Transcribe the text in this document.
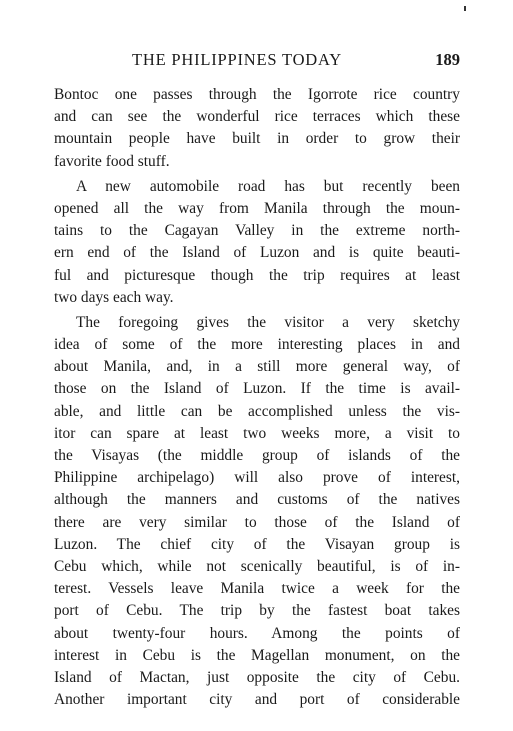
THE PHILIPPINES TODAY	189
Bontoc one passes through the Igorrote rice country
and can see the wonderful rice terraces which these
mountain people have built in order to grow their
favorite food stuff.
A new automobile road has but recently been
opened all the way from Manila through the moun-
tains to the Cagayan Valley in the extreme north-
ern end of the Island of Luzon and is quite beauti-
ful and picturesque though the trip requires at least
two days each way.
The foregoing gives the visitor a very sketchy
idea of some of the more interesting places in and
about Manila, and, in a still more general way, of
those on the Island of Luzon. If the time is avail-
able, and little can be accomplished unless the vis-
itor can spare at least two weeks more, a visit to
the Visayas (the middle group of islands of the
Philippine archipelago) will also prove of interest,
although the manners and customs of the natives
there are very similar to those of the Island of
Luzon. The chief city of the Visayan group is
Cebu which, while not scenically beautiful, is of in-
terest. Vessels leave Manila twice a week for the
port of Cebu. The trip by the fastest boat takes
about twenty-four hours. Among the points of
interest in Cebu is the Magellan monument, on the
Island of Mactan, just opposite the city of Cebu.
Another important city and port of considerable
